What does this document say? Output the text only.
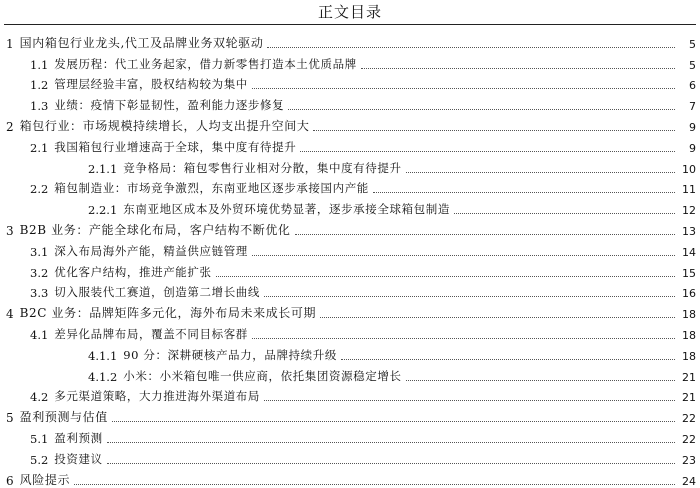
正文目录
1 国内箱包行业龙头,代工及品牌业务双轮驱动	5
1.1 发展历程：代工业务起家，借力新零售打造本土优质品牌	5
1.2 管理层经验丰富，股权结构较为集中	6
1.3 业绩：疫情下彰显韧性，盈利能力逐步修复	7
2 箱包行业：市场规模持续增长，人均支出提升空间大	9
2.1 我国箱包行业增速高于全球，集中度有待提升	9
2.1.1 竞争格局：箱包零售行业相对分散，集中度有待提升	10
2.2 箱包制造业：市场竞争激烈，东南亚地区逐步承接国内产能	11
2.2.1 东南亚地区成本及外贸环境优势显著，逐步承接全球箱包制造	12
3 B2B 业务：产能全球化布局，客户结构不断优化	13
3.1 深入布局海外产能，精益供应链管理	14
3.2 优化客户结构，推进产能扩张	15
3.3 切入服装代工赛道，创造第二增长曲线	16
4 B2C 业务：品牌矩阵多元化，海外布局未来成长可期	18
4.1 差异化品牌布局，覆盖不同目标客群	18
4.1.1 90 分：深耕硬核产品力，品牌持续升级	18
4.1.2 小米：小米箱包唯一供应商，依托集团资源稳定增长	21
4.2 多元渠道策略，大力推进海外渠道布局	21
5 盈利预测与估值	22
5.1 盈利预测	22
5.2 投资建议	23
6 风险提示	24
